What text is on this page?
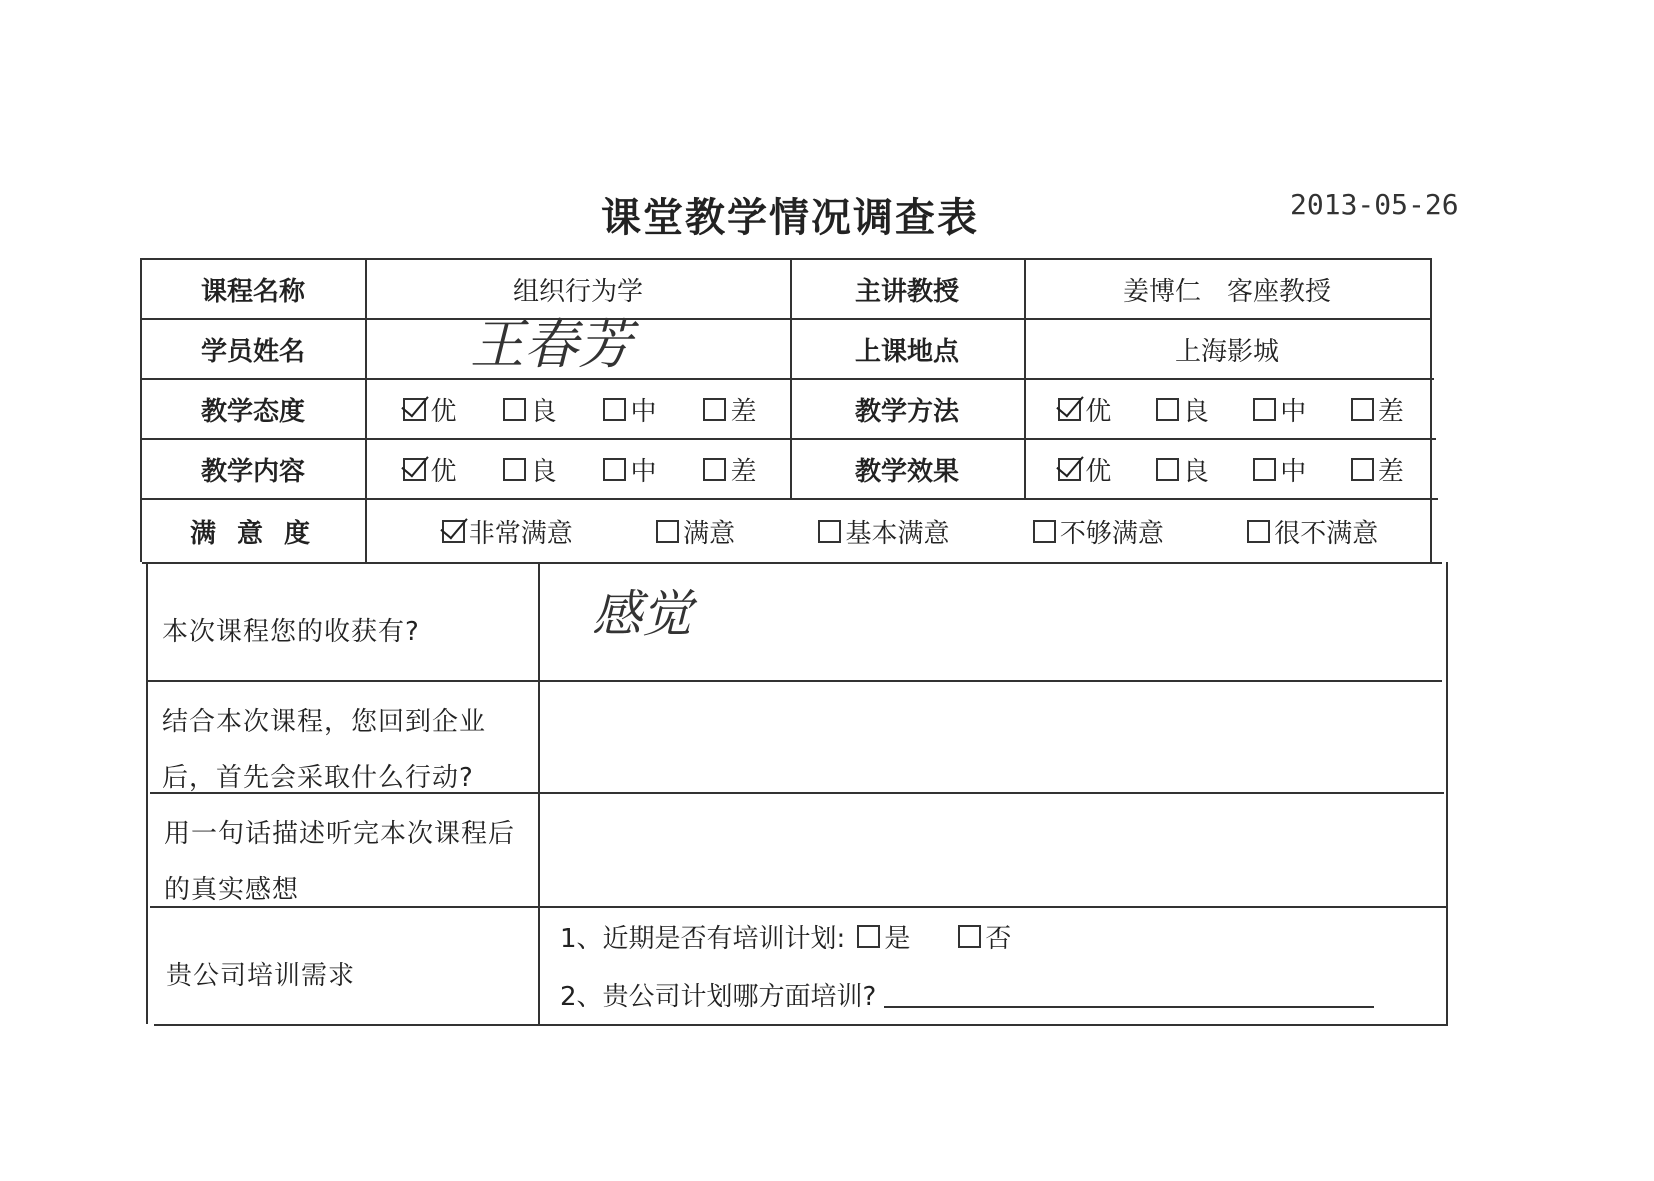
课堂教学情况调查表	2013-05-26
课程名称	组织行为学	主讲教授	姜博仁　客座教授
学员姓名	王春芳	上课地点	上海影城
教学态度	优	良	中	差	教学方法	优	良	中	差
教学内容	优	良	中	差	教学效果	优	良	中	差
满 意 度	非常满意	满意	基本满意	不够满意	很不满意
本次课程您的收获有?	感觉
结合本次课程，您回到企业后，首先会采取什么行动?
用一句话描述听完本次课程后的真实感想
贵公司培训需求
1、近期是否有培训计划: 是	否
2、贵公司计划哪方面培训?
